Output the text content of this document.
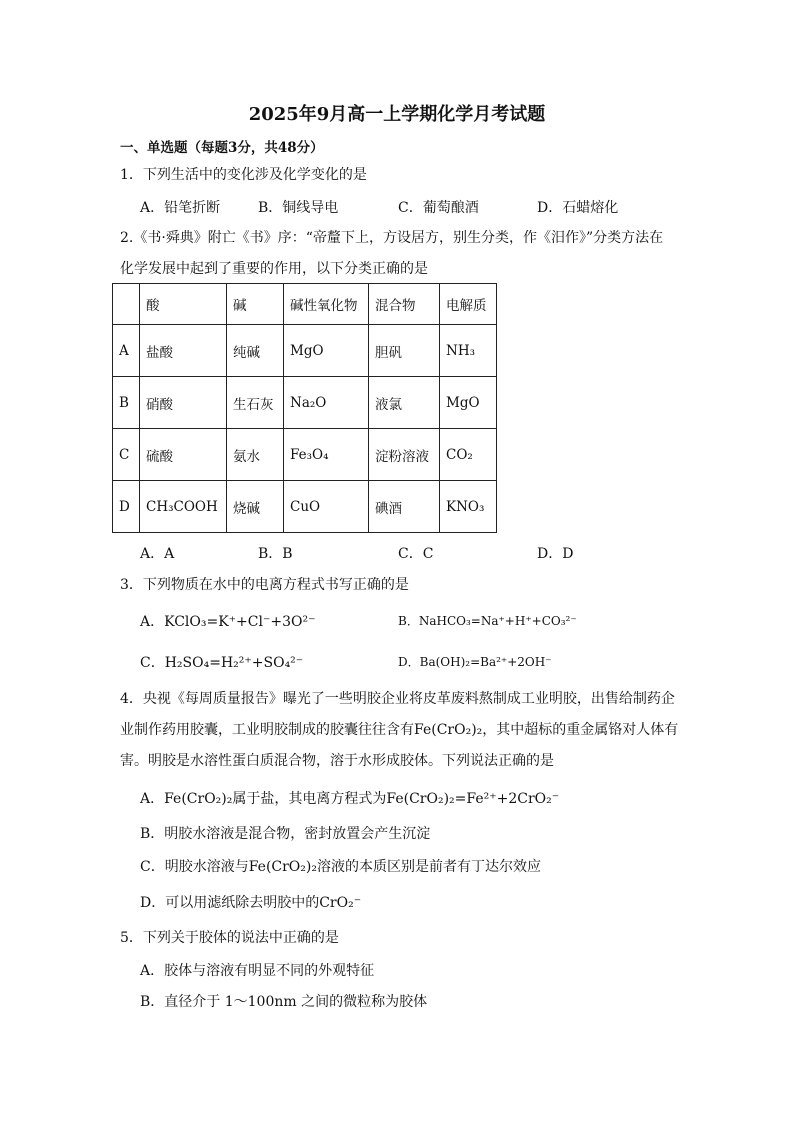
2025年9月高一上学期化学月考试题
一、单选题（每题3分，共48分）
1．下列生活中的变化涉及化学变化的是
A．铅笔折断	B．铜线导电	C．葡萄酿酒	D．石蜡熔化
2.《书·舜典》附亡《书》序：“帝釐下上，方设居方，别生分类，作《汨作》”分类方法在
化学发展中起到了重要的作用，以下分类正确的是
	酸	碱	碱性氧化物	混合物	电解质
A	盐酸	纯碱	MgO	胆矾	NH₃
B	硝酸	生石灰	Na₂O	液氯	MgO
C	硫酸	氨水	Fe₃O₄	淀粉溶液	CO₂
D	CH₃COOH	烧碱	CuO	碘酒	KNO₃
A．A	B．B	C．C	D．D
3．下列物质在水中的电离方程式书写正确的是
A．KClO₃=K⁺+Cl⁻+3O²⁻	B．NaHCO₃=Na⁺+H⁺+CO₃²⁻
C．H₂SO₄=H₂²⁺+SO₄²⁻	D．Ba(OH)₂=Ba²⁺+2OH⁻
4．央视《每周质量报告》曝光了一些明胶企业将皮革废料熬制成工业明胶，出售给制药企
业制作药用胶囊，工业明胶制成的胶囊往往含有Fe(CrO₂)₂，其中超标的重金属铬对人体有
害。明胶是水溶性蛋白质混合物，溶于水形成胶体。下列说法正确的是
A．Fe(CrO₂)₂属于盐，其电离方程式为Fe(CrO₂)₂=Fe²⁺+2CrO₂⁻
B．明胶水溶液是混合物，密封放置会产生沉淀
C．明胶水溶液与Fe(CrO₂)₂溶液的本质区别是前者有丁达尔效应
D．可以用滤纸除去明胶中的CrO₂⁻
5．下列关于胶体的说法中正确的是
A．胶体与溶液有明显不同的外观特征
B．直径介于 1～100nm 之间的微粒称为胶体
